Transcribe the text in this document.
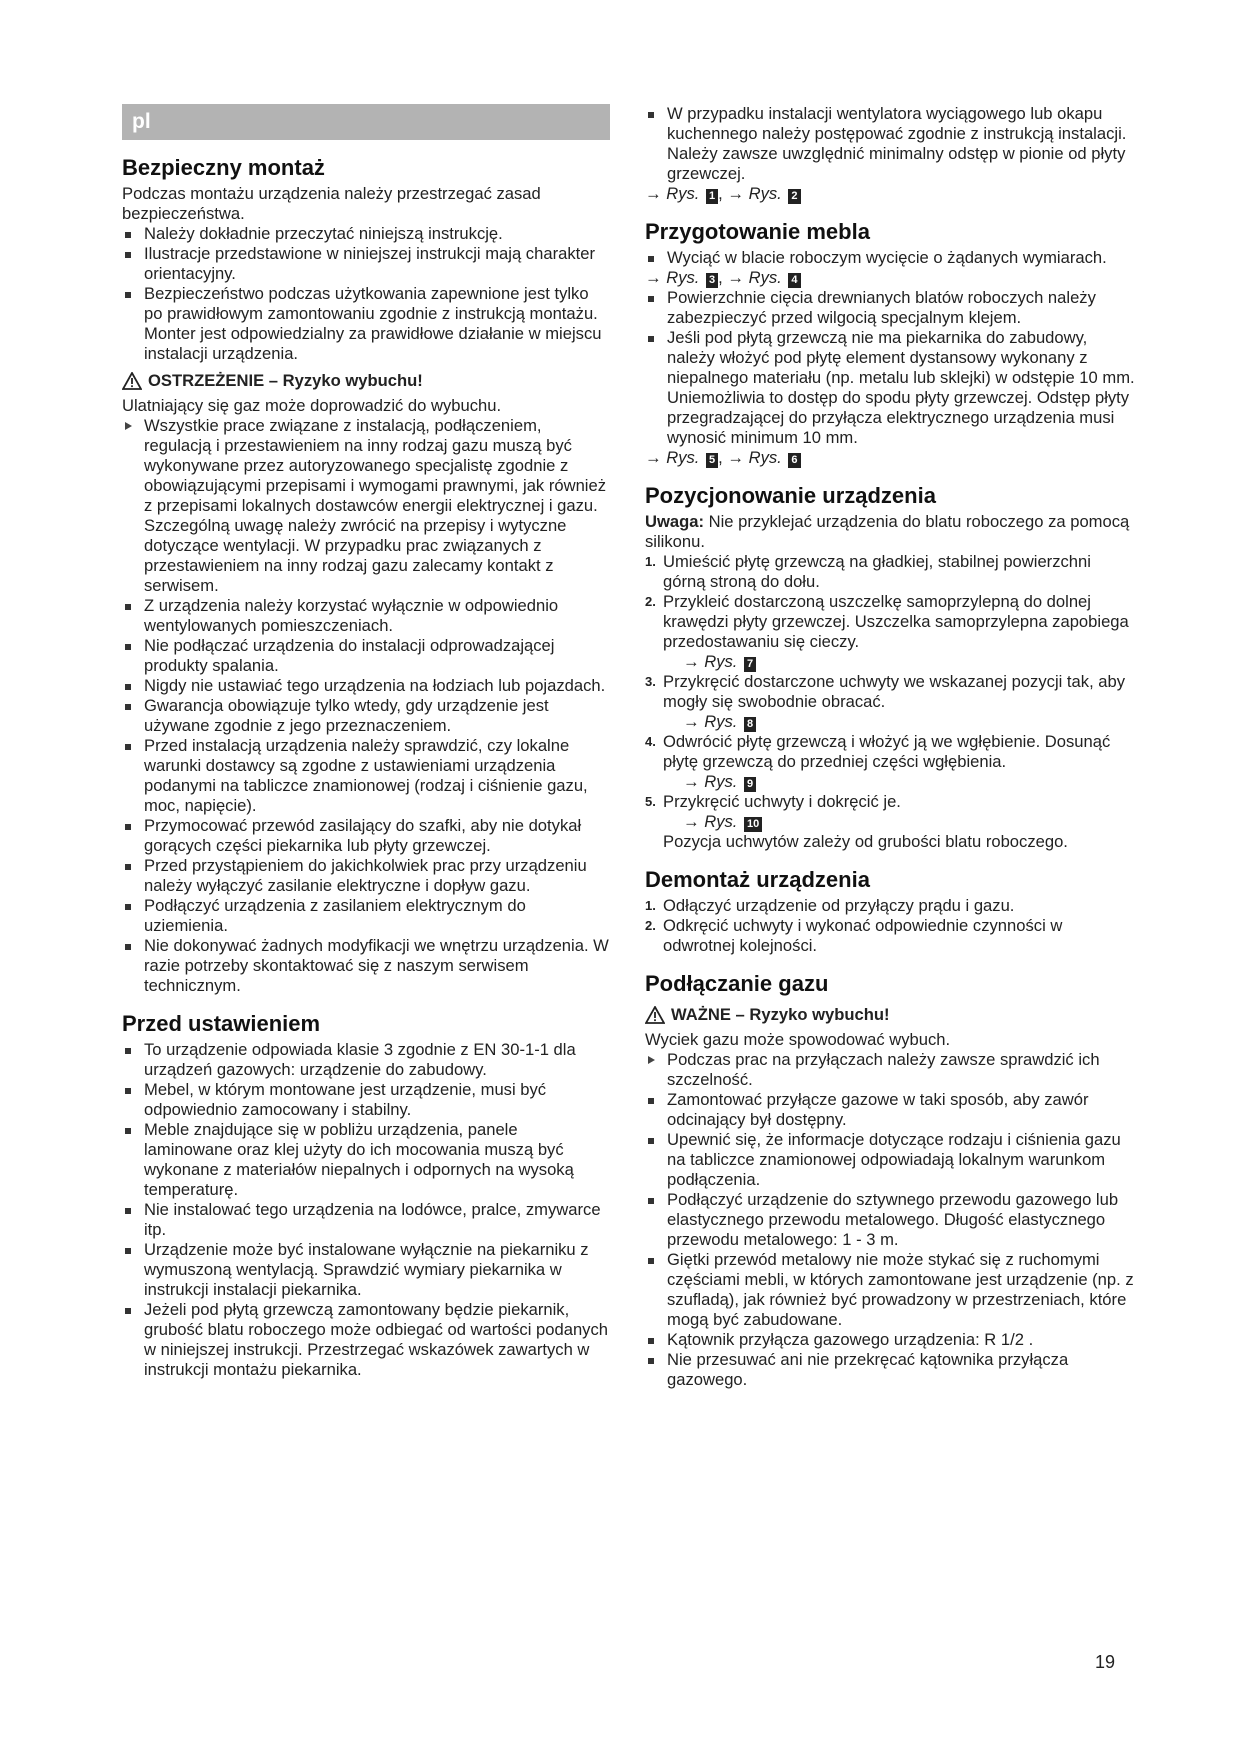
pl
Bezpieczny montaż

Podczas montażu urządzenia należy przestrzegać zasad bezpieczeństwa.

Należy dokładnie przeczytać niniejszą instrukcję.
Ilustracje przedstawione w niniejszej instrukcji mają charakter orientacyjny.
Bezpieczeństwo podczas użytkowania zapewnione jest tylko po prawidłowym zamontowaniu zgodnie z instrukcją montażu. Monter jest odpowiedzialny za prawidłowe działanie w miejscu instalacji urządzenia.
OSTRZEŻENIE – Ryzyko wybuchu!

Ulatniający się gaz może doprowadzić do wybuchu.

Wszystkie prace związane z instalacją, podłączeniem, regulacją i przestawieniem na inny rodzaj gazu muszą być wykonywane przez autoryzowanego specjalistę zgodnie z obowiązującymi przepisami i wymogami prawnymi, jak również z przepisami lokalnych dostawców energii elektrycznej i gazu. Szczególną uwagę należy zwrócić na przepisy i wytyczne dotyczące wentylacji. W przypadku prac związanych z przestawieniem na inny rodzaj gazu zalecamy kontakt z serwisem.
Z urządzenia należy korzystać wyłącznie w odpowiednio wentylowanych pomieszczeniach.
Nie podłączać urządzenia do instalacji odprowadzającej produkty spalania.
Nigdy nie ustawiać tego urządzenia na łodziach lub pojazdach.
Gwarancja obowiązuje tylko wtedy, gdy urządzenie jest używane zgodnie z jego przeznaczeniem.
Przed instalacją urządzenia należy sprawdzić, czy lokalne warunki dostawcy są zgodne z ustawieniami urządzenia podanymi na tabliczce znamionowej (rodzaj i ciśnienie gazu, moc, napięcie).
Przymocować przewód zasilający do szafki, aby nie dotykał gorących części piekarnika lub płyty grzewczej.
Przed przystąpieniem do jakichkolwiek prac przy urządzeniu należy wyłączyć zasilanie elektryczne i dopływ gazu.
Podłączyć urządzenia z zasilaniem elektrycznym do uziemienia.
Nie dokonywać żadnych modyfikacji we wnętrzu urządzenia. W razie potrzeby skontaktować się z naszym serwisem technicznym.
Przed ustawieniem
To urządzenie odpowiada klasie 3 zgodnie z EN 30-1-1 dla urządzeń gazowych: urządzenie do zabudowy.
Mebel, w którym montowane jest urządzenie, musi być odpowiednio zamocowany i stabilny.
Meble znajdujące się w pobliżu urządzenia, panele laminowane oraz klej użyty do ich mocowania muszą być wykonane z materiałów niepalnych i odpornych na wysoką temperaturę.
Nie instalować tego urządzenia na lodówce, pralce, zmywarce itp.
Urządzenie może być instalowane wyłącznie na piekarniku z wymuszoną wentylacją. Sprawdzić wymiary piekarnika w instrukcji instalacji piekarnika.
Jeżeli pod płytą grzewczą zamontowany będzie piekarnik, grubość blatu roboczego może odbiegać od wartości podanych w niniejszej instrukcji. Przestrzegać wskazówek zawartych w instrukcji montażu piekarnika.
W przypadku instalacji wentylatora wyciągowego lub okapu kuchennego należy postępować zgodnie z instrukcją instalacji. Należy zawsze uwzględnić minimalny odstęp w pionie od płyty grzewczej.

→ Rys. 1 , → Rys. 2

Przygotowanie mebla
Wyciąć w blacie roboczym wycięcie o żądanych wymiarach.

→ Rys. 3 , → Rys. 4

Powierzchnie cięcia drewnianych blatów roboczych należy zabezpieczyć przed wilgocią specjalnym klejem.
Jeśli pod płytą grzewczą nie ma piekarnika do zabudowy, należy włożyć pod płytę element dystansowy wykonany z niepalnego materiału (np. metalu lub sklejki) w odstępie 10 mm. Uniemożliwia to dostęp do spodu płyty grzewczej. Odstęp płyty przegradzającej do przyłącza elektrycznego urządzenia musi wynosić minimum 10 mm.

→ Rys. 5 , → Rys. 6

Pozycjonowanie urządzenia

Uwaga: Nie przyklejać urządzenia do blatu roboczego za pomocą silikonu.

1. Umieścić płytę grzewczą na gładkiej, stabilnej powierzchni górną stroną do dołu.
2. Przykleić dostarczoną uszczelkę samoprzylepną do dolnej krawędzi płyty grzewczej. Uszczelka samoprzylepna zapobiega przedostawaniu się cieczy.
→ Rys. 7
3. Przykręcić dostarczone uchwyty we wskazanej pozycji tak, aby mogły się swobodnie obracać.
→ Rys. 8
4. Odwrócić płytę grzewczą i włożyć ją we wgłębienie. Dosunąć płytę grzewczą do przedniej części wgłębienia.
→ Rys. 9
5. Przykręcić uchwyty i dokręcić je.
→ Rys. 10
Pozycja uchwytów zależy od grubości blatu roboczego.
Demontaż urządzenia
1. Odłączyć urządzenie od przyłączy prądu i gazu.
2. Odkręcić uchwyty i wykonać odpowiednie czynności w odwrotnej kolejności.
Podłączanie gazu
WAŻNE – Ryzyko wybuchu!

Wyciek gazu może spowodować wybuch.

Podczas prac na przyłączach należy zawsze sprawdzić ich szczelność.
Zamontować przyłącze gazowe w taki sposób, aby zawór odcinający był dostępny.
Upewnić się, że informacje dotyczące rodzaju i ciśnienia gazu na tabliczce znamionowej odpowiadają lokalnym warunkom podłączenia.
Podłączyć urządzenie do sztywnego przewodu gazowego lub elastycznego przewodu metalowego. Długość elastycznego przewodu metalowego: 1 - 3 m.
Giętki przewód metalowy nie może stykać się z ruchomymi częściami mebli, w których zamontowane jest urządzenie (np. z szufladą), jak również być prowadzony w przestrzeniach, które mogą być zabudowane.
Kątownik przyłącza gazowego urządzenia: R 1/2 .
Nie przesuwać ani nie przekręcać kątownika przyłącza gazowego.
19
